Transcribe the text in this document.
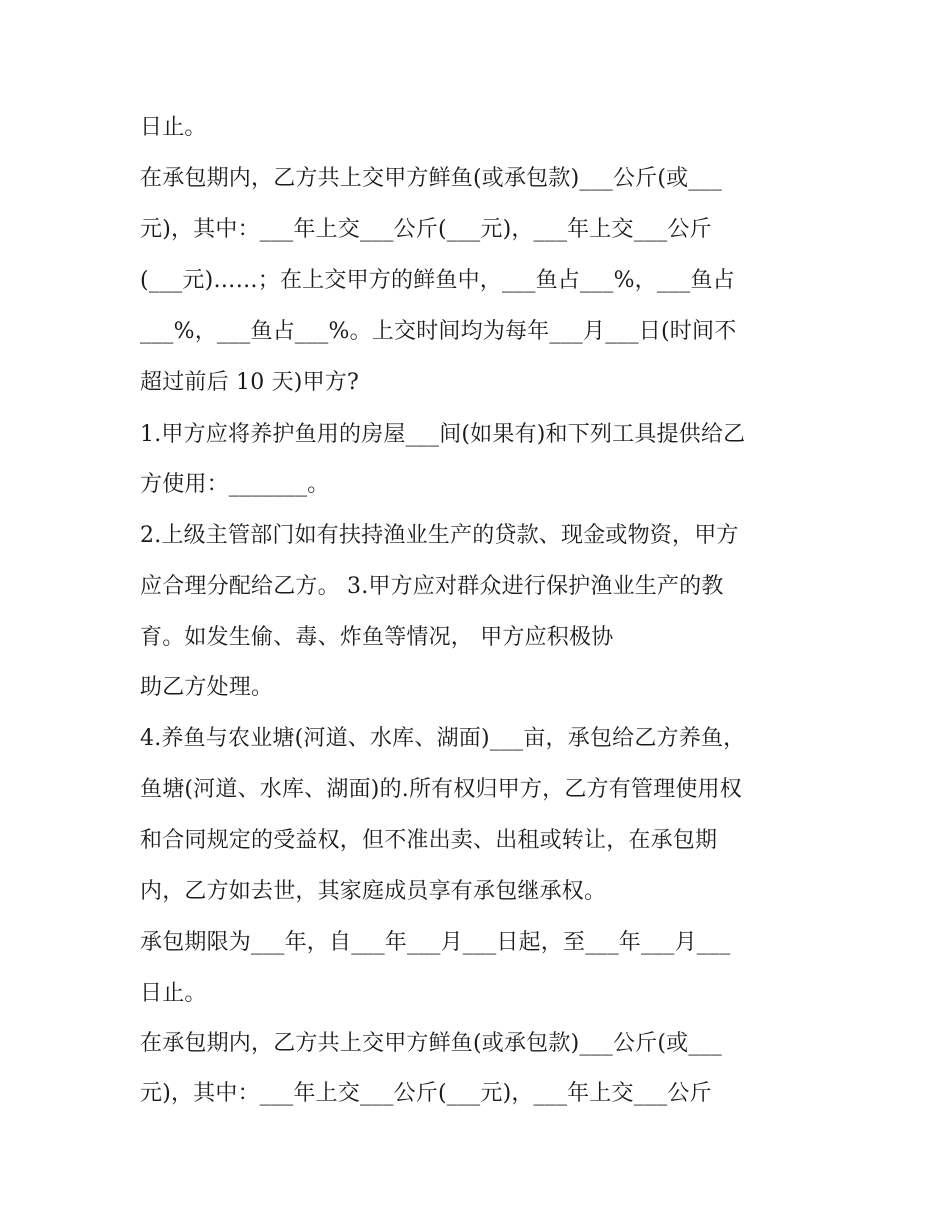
日止。
在承包期内，乙方共上交甲方鲜鱼(或承包款)___公斤(或___
元)，其中：___年上交___公斤(___元)，___年上交___公斤
(___元)……；在上交甲方的鲜鱼中，___鱼占___%，___鱼占
___%，___鱼占___%。上交时间均为每年___月___日(时间不
超过前后 10 天)甲方?
1.甲方应将养护鱼用的房屋___间(如果有)和下列工具提供给乙
方使用：_______。
2.上级主管部门如有扶持渔业生产的贷款、现金或物资，甲方
应合理分配给乙方。 3.甲方应对群众进行保护渔业生产的教
育。如发生偷、毒、炸鱼等情况， 甲方应积极协
助乙方处理。
4.养鱼与农业塘(河道、水库、湖面)___亩，承包给乙方养鱼，
鱼塘(河道、水库、湖面)的.所有权归甲方，乙方有管理使用权
和合同规定的受益权，但不准出卖、出租或转让，在承包期
内，乙方如去世，其家庭成员享有承包继承权。
承包期限为___年，自___年___月___日起，至___年___月___
日止。
在承包期内，乙方共上交甲方鲜鱼(或承包款)___公斤(或___
元)，其中：___年上交___公斤(___元)，___年上交___公斤
